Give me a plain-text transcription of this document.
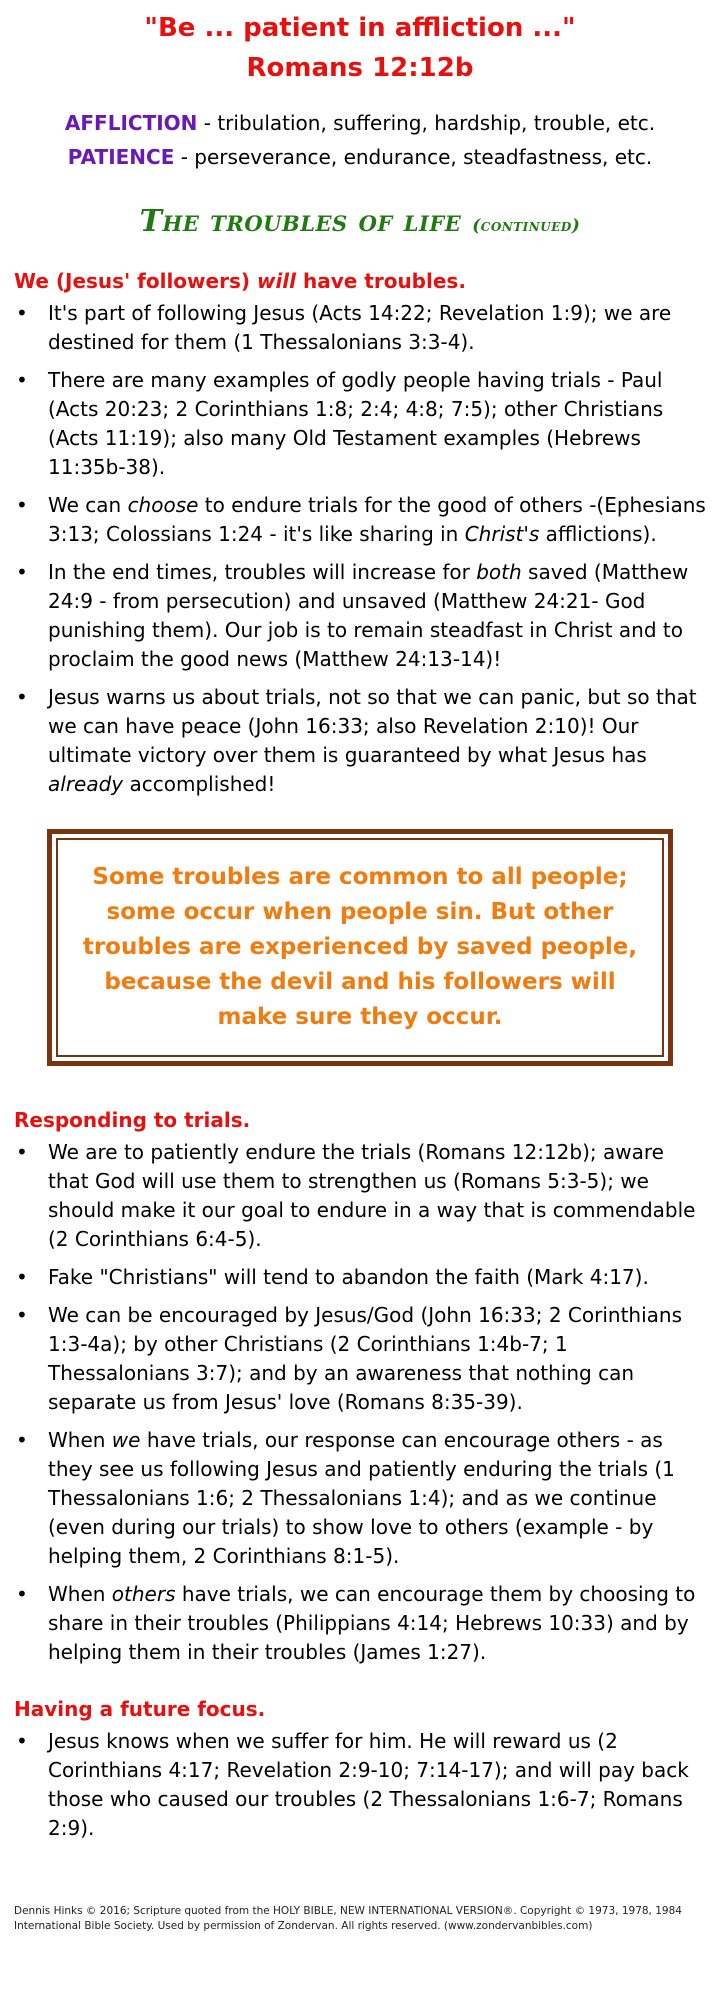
"Be ... patient in affliction ..."
Romans 12:12b
AFFLICTION - tribulation, suffering, hardship, trouble, etc.
PATIENCE - perseverance, endurance, steadfastness, etc.
The troubles of life (continued)
We (Jesus' followers) will have troubles.
• It's part of following Jesus (Acts 14:22; Revelation 1:9); we are destined for them (1 Thessalonians 3:3-4).
• There are many examples of godly people having trials - Paul (Acts 20:23; 2 Corinthians 1:8; 2:4; 4:8; 7:5); other Christians (Acts 11:19); also many Old Testament examples (Hebrews 11:35b-38).
• We can choose to endure trials for the good of others -(Ephesians 3:13; Colossians 1:24 - it's like sharing in Christ's afflictions).
• In the end times, troubles will increase for both saved (Matthew 24:9 - from persecution) and unsaved (Matthew 24:21- God punishing them). Our job is to remain steadfast in Christ and to proclaim the good news (Matthew 24:13-14)!
• Jesus warns us about trials, not so that we can panic, but so that we can have peace (John 16:33; also Revelation 2:10)! Our ultimate victory over them is guaranteed by what Jesus has already accomplished!
Some troubles are common to all people; some occur when people sin. But other troubles are experienced by saved people, because the devil and his followers will make sure they occur.
Responding to trials.
• We are to patiently endure the trials (Romans 12:12b); aware that God will use them to strengthen us (Romans 5:3-5); we should make it our goal to endure in a way that is commendable (2 Corinthians 6:4-5).
• Fake "Christians" will tend to abandon the faith (Mark 4:17).
• We can be encouraged by Jesus/God (John 16:33; 2 Corinthians 1:3-4a); by other Christians (2 Corinthians 1:4b-7; 1 Thessalonians 3:7); and by an awareness that nothing can separate us from Jesus' love (Romans 8:35-39).
• When we have trials, our response can encourage others - as they see us following Jesus and patiently enduring the trials (1 Thessalonians 1:6; 2 Thessalonians 1:4); and as we continue (even during our trials) to show love to others (example - by helping them, 2 Corinthians 8:1-5).
• When others have trials, we can encourage them by choosing to share in their troubles (Philippians 4:14; Hebrews 10:33) and by helping them in their troubles (James 1:27).
Having a future focus.
• Jesus knows when we suffer for him. He will reward us (2 Corinthians 4:17; Revelation 2:9-10; 7:14-17); and will pay back those who caused our troubles (2 Thessalonians 1:6-7; Romans 2:9).
Dennis Hinks © 2016; Scripture quoted from the HOLY BIBLE, NEW INTERNATIONAL VERSION®. Copyright © 1973, 1978, 1984
International Bible Society. Used by permission of Zondervan. All rights reserved. (www.zondervanbibles.com)
